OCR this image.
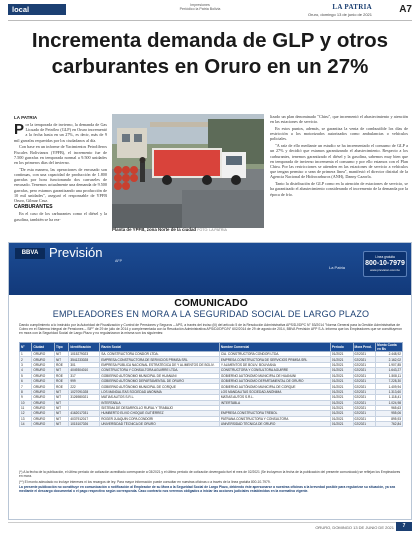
local	Impresiones
Periódico la Patria Bolivia	LA PATRIA
Oruro, domingo 13 de junio de 2021	A7
Incrementa demanda de GLP y otros carburantes en Oruro en un 27%
LA PATRIA

Por la temporada de invierno, la demanda de Gas Licuado de Petróleo (GLP) en Oruro incrementó a la fecha hasta en un 27%, es decir, más de 9 mil garrafas requeridas por los ciudadanos al día.

Con base en un informe de Yacimientos Petrolíferos Fiscales Bolivianos (YPFB), el incremento fue de 7.500 garrafas en temporada normal a 9.500 unidades en los primeros días del invierno.

"De esta manera, las operaciones de envasado son continuas, con una capacidad de producción de 1.800 garrafas por hora funcionando dos carruseles de envasado. Tenemos actualmente una demanda de 9.500 garrafas, pero estamos garantizando una producción de 10 mil unidades", aseguró el responsable de YPFB Oruro, Gilmar Cruz.

CARBURANTES

En el caso de los carburantes como el diésel y la gasolina, también se ha rea-

Planta de YPFB, zona Norte de la ciudad FOTO: LA PATRIA

lizado un plan denominado "Chiru", que incrementó el abastecimiento y atención en las estaciones de servicio.

En estos puntos, además, se garantiza la venta de combustible los días de restricción a los motorizados autorizados como ambulancias o vehículos policiales.

"A raíz de ello mediante un estudio se ha incrementado el consumo de GLP a un 27% y decidió que estamos garantizando el abastecimiento. Respecto a los carburantes, tenemos garantizado el diésel y la gasolina, sabemos muy bien que en temporada de invierno incrementa el consumo y por ello estamos con el Plan Chiru. Por las restricciones se atienden en las estaciones de servicio a vehículos que tengan permiso o sean de primera línea", manifestó el director distrital de la Agencia Nacional de Hidrocarburos (ANH), Danny Cazorla.

Tanto la distribución de GLP como en la atención de estaciones de servicio, se ha garantizado el abastecimiento considerando el incremento de la demanda por la época de frío.

BBVA Previsión
AFP
La Patria
Línea gratuita
800-10-7979
www.prevision.com.bo
COMUNICADO
EMPLEADORES EN MORA A LA SEGURIDAD SOCIAL DE LARGO PLAZO
Dando cumplimiento a lo instruido por la Autoridad de Fiscalización y Control de Pensiones y Seguros – APS, a través del inciso (iii) del artículo 5 de la Resolución Administrativa APS/DJ/DPC N° 53/2014 "Norma General para la Gestión Administrativa de Cobro en el Sistema Integral de Pensiones – SIP" de 29 de julio de 2014 y complementada con la Resolución Administrativa APS/DJ/DPC/N° 602/2014 de 29 de agosto de 2014, BBVA Previsión AFP S.A. informa que los Empleadores que se constituyeron en mora con la Seguridad Social de Largo Plazo y no regularizaron la misma son los siguientes:
N°	Ciudad	Tipo	Identificación	Razón Social	Nombre Comercial	Periodo	Mora Pend.	Monto Cuota en Bs
1	ORURO	NIT	1015279023	SA. CONSTRUCTORA CONDOR LTDA.	CIA. CONSTRUCTORA CONDOR LTDA.	01/2021	02/2021	2.448,92
2	ORURO	NIT	3541233028	EMPRESA CONSTRUCTORA DE SERVICIOS PRIMSA SRL	EMPRESA CONSTRUCTORA DE SERVICIOS PRIMSA SRL	01/2021	02/2021	2.162,02
3	ORURO	ROE	301	EMPRESA PÚBLICA NACIONAL ESTRATÉGICA DE Y ALIMENTOS DE BOLIV.	Y ALIMENTOS DE BOLIV. BOLIVIANA	01/2021	02/2021	1.907,85
4	ORURO	NIT	4049304010	CONSTRUCTORA Y CONSULTORA AGUIRRE LTDA.	CONSTRUCTORA Y CONSULTORA AGUIRRE	01/2021	02/2021	1.643,27
5	ORURO	ROE	317	GOBIERNO AUTÓNOMO MUNICIPAL DE HUANUNI	GOBIERNO AUTÓNOMO MUNICIPAL DE HUANUNI	01/2021	02/2021	1.508,11
6	ORURO	ROE	999	GOBIERNO AUTÓNOMO DEPARTAMENTAL DE ORURO	GOBIERNO AUTÓNOMO DEPARTAMENTAL DE ORURO	01/2021	02/2021	7.228,30
7	ORURO	ROE	222	GOBIERNO AUTÓNOMO MUNICIPAL DE CORQUE	GOBIERNO AUTÓNOMO MUNICIPAL DE CORQUE	01/2021	02/2021	1.409,94
8	ORURO	NIT	1027091028	LOS MANDALITAS SOCIEDAD ANÓNIMA	LOS MANDALITAS SOCIEDAD ANÓNIMA	01/2021	02/2021	1.313,60
9	ORURO	NIT	3126980021	MATIAS AUTOS S.R.L.	MATIAS AUTOS S.R.L.	01/2021	02/2021	1.118,41
10	ORURO	NIT		INTERTABLA	INTERTABLA	01/2021	02/2021	1.024,98
11	ORURO	NIT		SISTEMA DE DESARROLLO RURAL Y TRABAJO		01/2021	02/2021	965,63
12	ORURO	NIT	4162017031	HUMBERTO ELVIO CHOQUE GUTIÉRREZ	EMPRESA CONSTRUCTORA TRÉBOL	01/2021	02/2021	955,06
13	ORURO	NIT	4037912017	ROGER JUAQUÍN COPA CONDORI	PATRANA CONSTRUCTORA Y CONSULTORA	01/2021	02/2021	895,93
14	ORURO	NIT	1015107026	UNIVERSIDAD TÉCNICA DE ORURO	UNIVERSIDAD TÉCNICA DE ORURO	01/2021	02/2021	762,84

(*) A la fecha de la publicación, el último periodo de cotización acreditado corresponde a 03/2021 y el último periodo de cotización devengado fuel el mes de 02/2021 (Se incluyeron la fecha de la publicación del presente comunicado) se reflejan los Empleadores en mora.

(**) El monto adeudado no incluye intereses ni los recargos de ley. Para mayor información puede consultar en nuestras oficinas o a través de la línea gratuita 800-10-7979.

La presente publicación no constituye en comunicación o notificación al Empleador de su Mora a la Seguridad Social de Largo Plazo, debiendo éste apersonarse a nuestras oficinas a la brevedad posible para regularizar su situación, ya sea mediante el descargo documental o el pago respectivo según corresponda. Caso contrario nos veremos obligados a iniciar las acciones judiciales establecidas en la normativa vigente.

ORURO, DOMINGO 13 DE JUNIO DE 2021	7
